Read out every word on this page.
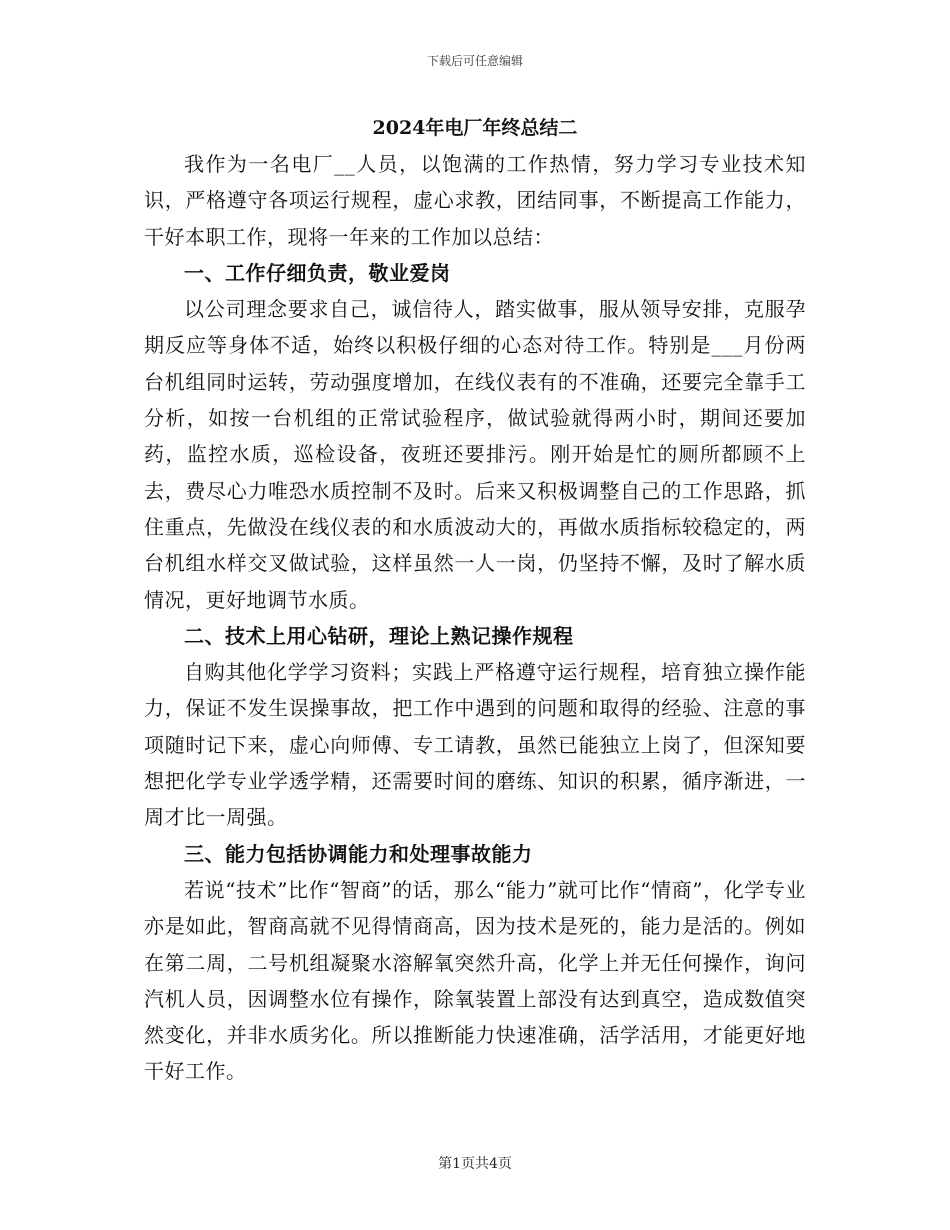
下载后可任意编辑
2024年电厂年终总结二

我作为一名电厂__人员，以饱满的工作热情，努力学习专业技术知识，严格遵守各项运行规程，虚心求教，团结同事，不断提高工作能力，干好本职工作，现将一年来的工作加以总结：

一、工作仔细负责，敬业爱岗

以公司理念要求自己，诚信待人，踏实做事，服从领导安排，克服孕期反应等身体不适，始终以积极仔细的心态对待工作。特别是___月份两台机组同时运转，劳动强度增加，在线仪表有的不准确，还要完全靠手工分析，如按一台机组的正常试验程序，做试验就得两小时，期间还要加药，监控水质，巡检设备，夜班还要排污。刚开始是忙的厕所都顾不上去，费尽心力唯恐水质控制不及时。后来又积极调整自己的工作思路，抓住重点，先做没在线仪表的和水质波动大的，再做水质指标较稳定的，两台机组水样交叉做试验，这样虽然一人一岗，仍坚持不懈，及时了解水质情况，更好地调节水质。

二、技术上用心钻研，理论上熟记操作规程

自购其他化学学习资料；实践上严格遵守运行规程，培育独立操作能力，保证不发生误操事故，把工作中遇到的问题和取得的经验、注意的事项随时记下来，虚心向师傅、专工请教，虽然已能独立上岗了，但深知要想把化学专业学透学精，还需要时间的磨练、知识的积累，循序渐进，一周才比一周强。

三、能力包括协调能力和处理事故能力

若说“技术”比作“智商”的话，那么“能力”就可比作“情商”，化学专业亦是如此，智商高就不见得情商高，因为技术是死的，能力是活的。例如在第二周，二号机组凝聚水溶解氧突然升高，化学上并无任何操作，询问汽机人员，因调整水位有操作，除氧装置上部没有达到真空，造成数值突然变化，并非水质劣化。所以推断能力快速准确，活学活用，才能更好地干好工作。

第1页共4页
